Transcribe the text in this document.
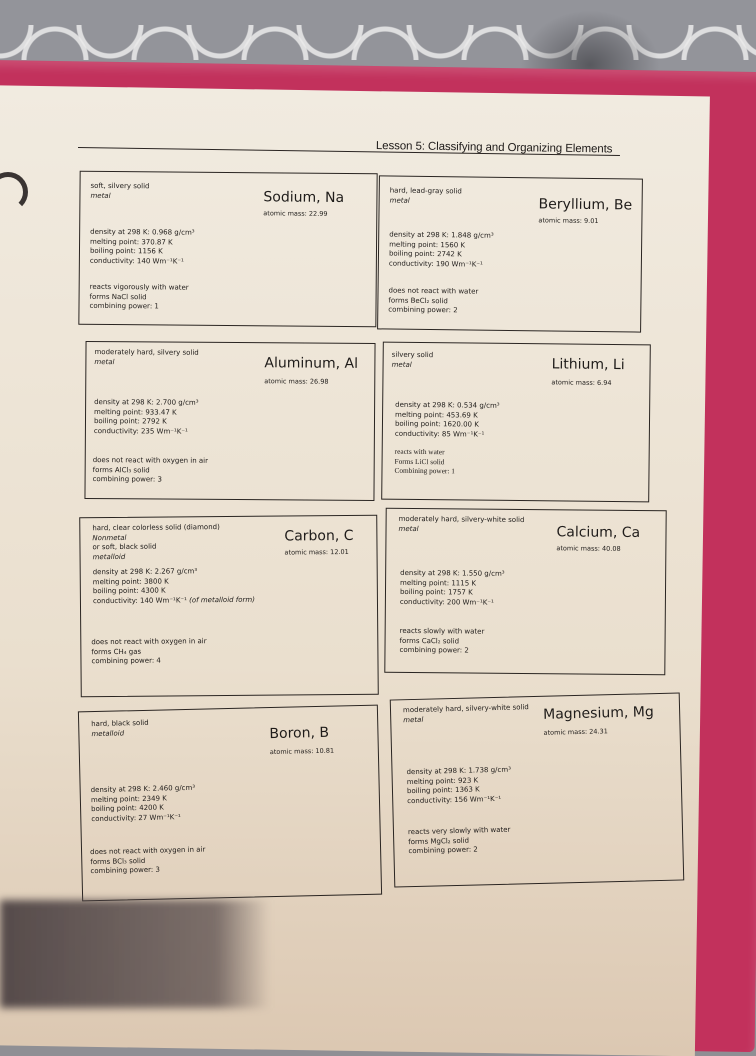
Lesson 5: Classifying and Organizing Elements
soft, silvery solid
metal	Sodium, Na
atomic mass: 22.99
density at 298 K: 0.968 g/cm³
melting point: 370.87 K
boiling point: 1156 K
conductivity: 140 Wm⁻¹K⁻¹
reacts vigorously with water
forms NaCl solid
combining power: 1
hard, lead-gray solid
metal	Beryllium, Be
atomic mass: 9.01
density at 298 K: 1.848 g/cm³
melting point: 1560 K
boiling point: 2742 K
conductivity: 190 Wm⁻¹K⁻¹
does not react with water
forms BeCl₂ solid
combining power: 2
moderately hard, silvery solid
metal	Aluminum, Al
atomic mass: 26.98
density at 298 K: 2.700 g/cm³
melting point: 933.47 K
boiling point: 2792 K
conductivity: 235 Wm⁻¹K⁻¹
does not react with oxygen in air
forms AlCl₃ solid
combining power: 3
silvery solid
metal	Lithium, Li
atomic mass: 6.94
density at 298 K: 0.534 g/cm³
melting point: 453.69 K
boiling point: 1620.00 K
conductivity: 85 Wm⁻¹K⁻¹
reacts with water
Forms LiCl solid
Combining power: 1
hard, clear colorless solid (diamond)
Nonmetal
or soft, black solid
metalloid
Carbon, C
atomic mass: 12.01
density at 298 K: 2.267 g/cm³
melting point: 3800 K
boiling point: 4300 K
conductivity: 140 Wm⁻¹K⁻¹ (of metalloid form)
does not react with oxygen in air
forms CH₄ gas
combining power: 4
moderately hard, silvery-white solid
metal	Calcium, Ca
atomic mass: 40.08
density at 298 K: 1.550 g/cm³
melting point: 1115 K
boiling point: 1757 K
conductivity: 200 Wm⁻¹K⁻¹
reacts slowly with water
forms CaCl₂ solid
combining power: 2
hard, black solid
metalloid	Boron, B
atomic mass: 10.81
density at 298 K: 2.460 g/cm³
melting point: 2349 K
boiling point: 4200 K
conductivity: 27 Wm⁻¹K⁻¹
does not react with oxygen in air
forms BCl₃ solid
combining power: 3
moderately hard, silvery-white solid
metal	Magnesium, Mg
atomic mass: 24.31
density at 298 K: 1.738 g/cm³
melting point: 923 K
boiling point: 1363 K
conductivity: 156 Wm⁻¹K⁻¹
reacts very slowly with water
forms MgCl₂ solid
combining power: 2
